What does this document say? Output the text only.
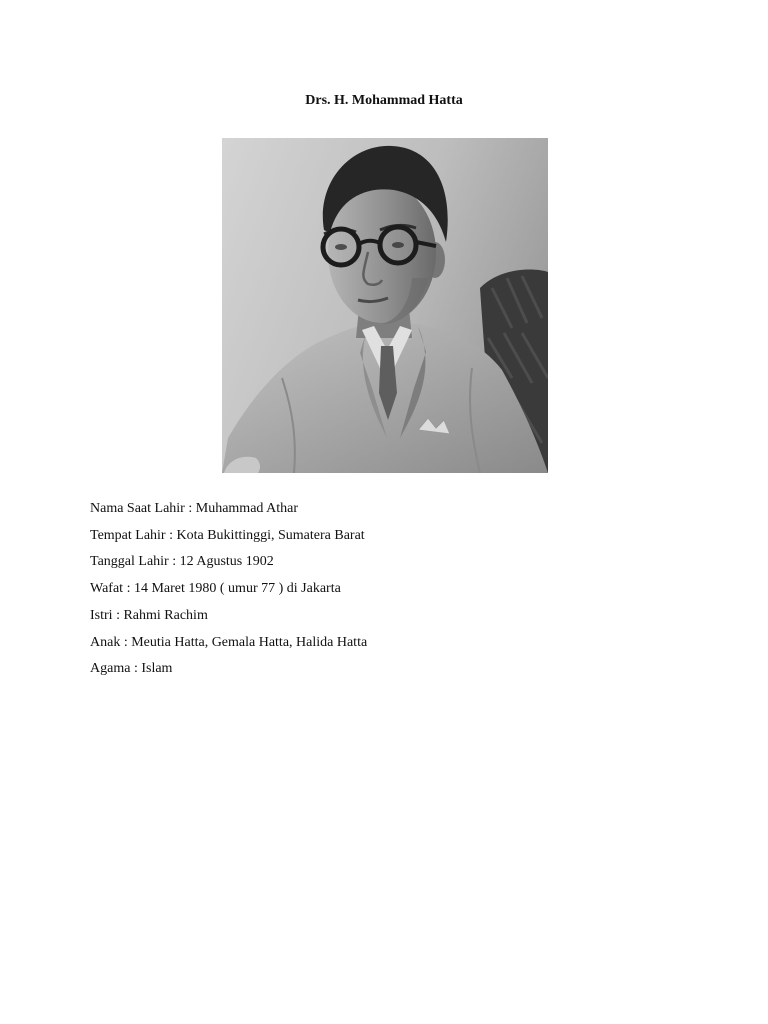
Drs. H. Mohammad Hatta
Nama Saat Lahir : Muhammad Athar
Tempat Lahir : Kota Bukittinggi, Sumatera Barat
Tanggal Lahir : 12 Agustus 1902
Wafat : 14 Maret 1980 ( umur 77 ) di Jakarta
Istri : Rahmi Rachim
Anak : Meutia Hatta, Gemala Hatta, Halida Hatta
Agama : Islam
